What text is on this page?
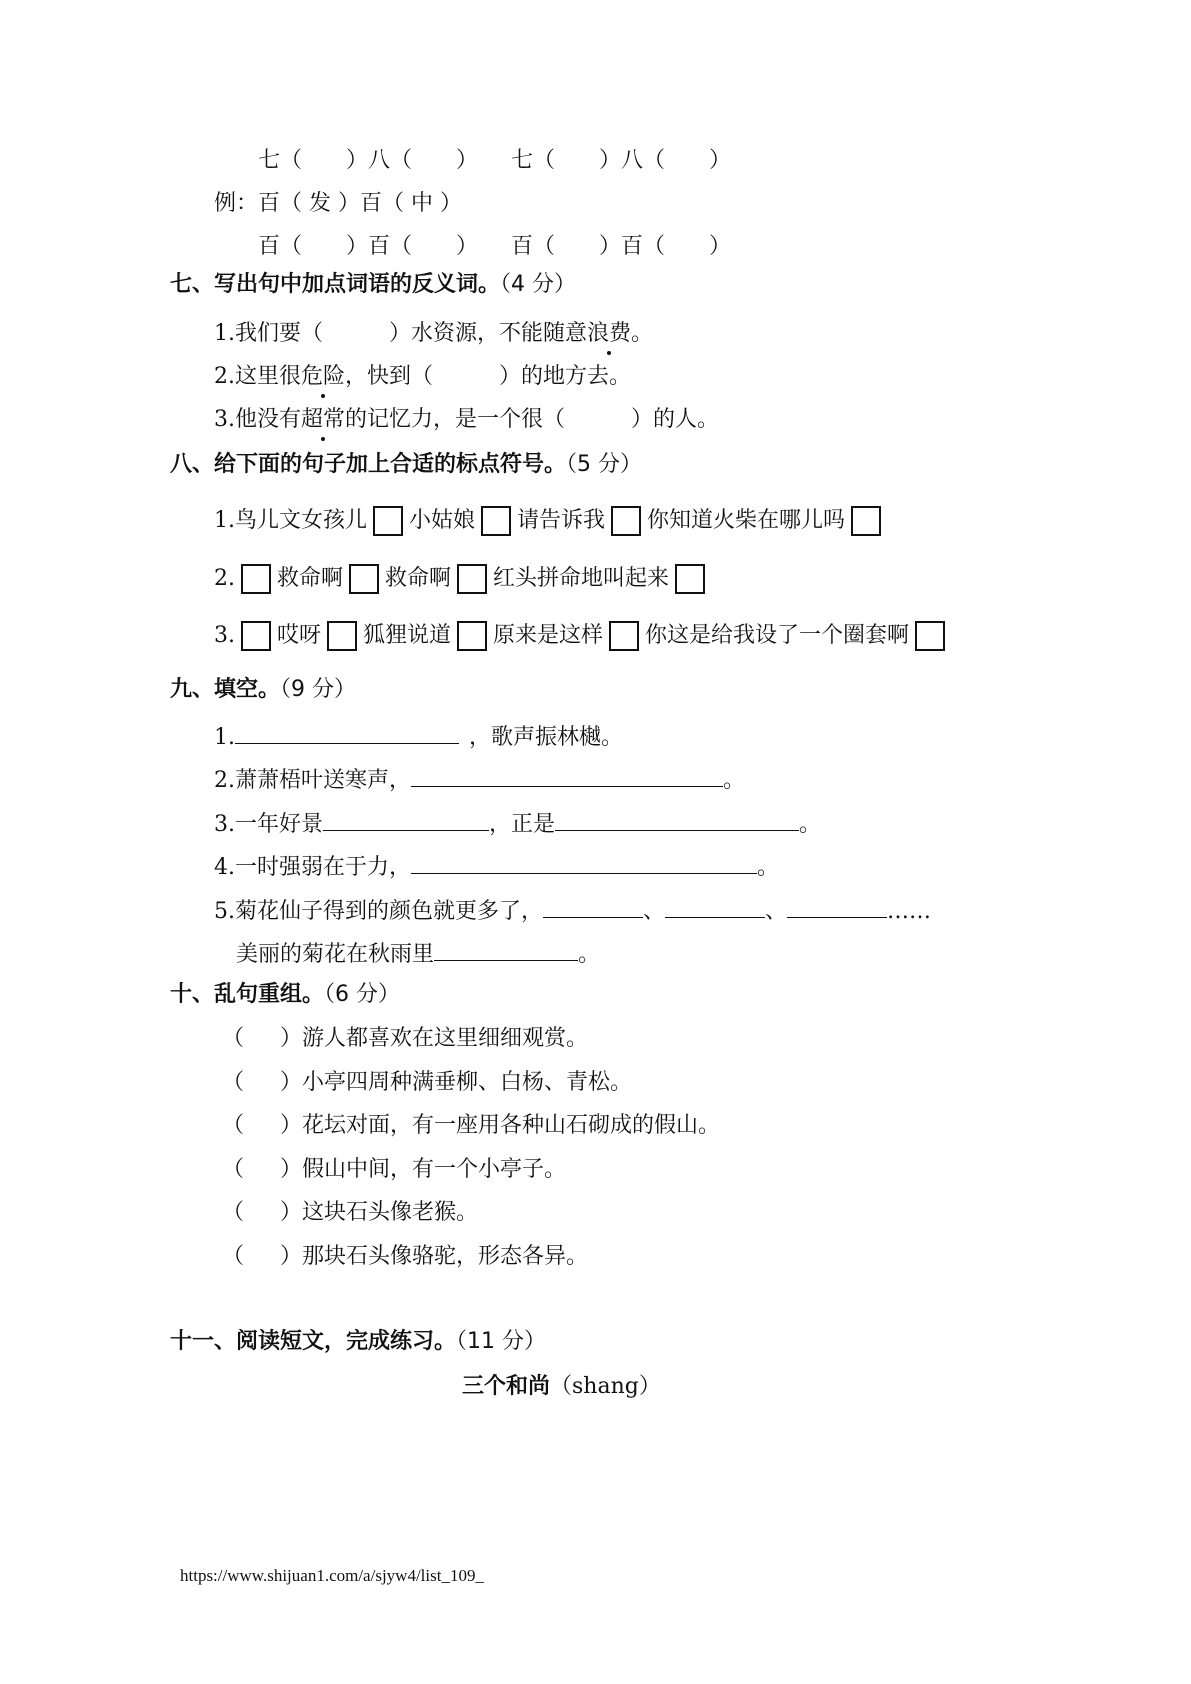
七（　　）八（　　）　　七（　　）八（　　）
例：百（ 发 ）百（ 中 ）
百（　　）百（　　）　　百（　　）百（　　）
七、写出句中加点词语的反义词。（4 分）
1.我们要（	）水资源，不能随意浪费。
2.这里很危险，快到（	）的地方去。
3.他没有超常的记忆力，是一个很（	）的人。
八、给下面的句子加上合适的标点符号。（5 分）
1.鸟儿文女孩儿 小姑娘 请告诉我 你知道火柴在哪儿吗
2. 救命啊 救命啊 红头拼命地叫起来
3. 哎呀 狐狸说道 原来是这样 你这是给我设了一个圈套啊
九、填空。（9 分）
1.	，歌声振林樾。
2.萧萧梧叶送寒声，	。
3.一年好景	，正是	。
4.一时强弱在于力，	。
5.菊花仙子得到的颜色就更多了，	、	、	……
美丽的菊花在秋雨里	。
十、乱句重组。（6 分）
（ ）游人都喜欢在这里细细观赏。
（ ）小亭四周种满垂柳、白杨、青松。
（ ）花坛对面，有一座用各种山石砌成的假山。
（ ）假山中间，有一个小亭子。
（ ）这块石头像老猴。
（ ）那块石头像骆驼，形态各异。
十一、阅读短文，完成练习。（11 分）
三个和尚（shang）
https://www.shijuan1.com/a/sjyw4/list_109_
